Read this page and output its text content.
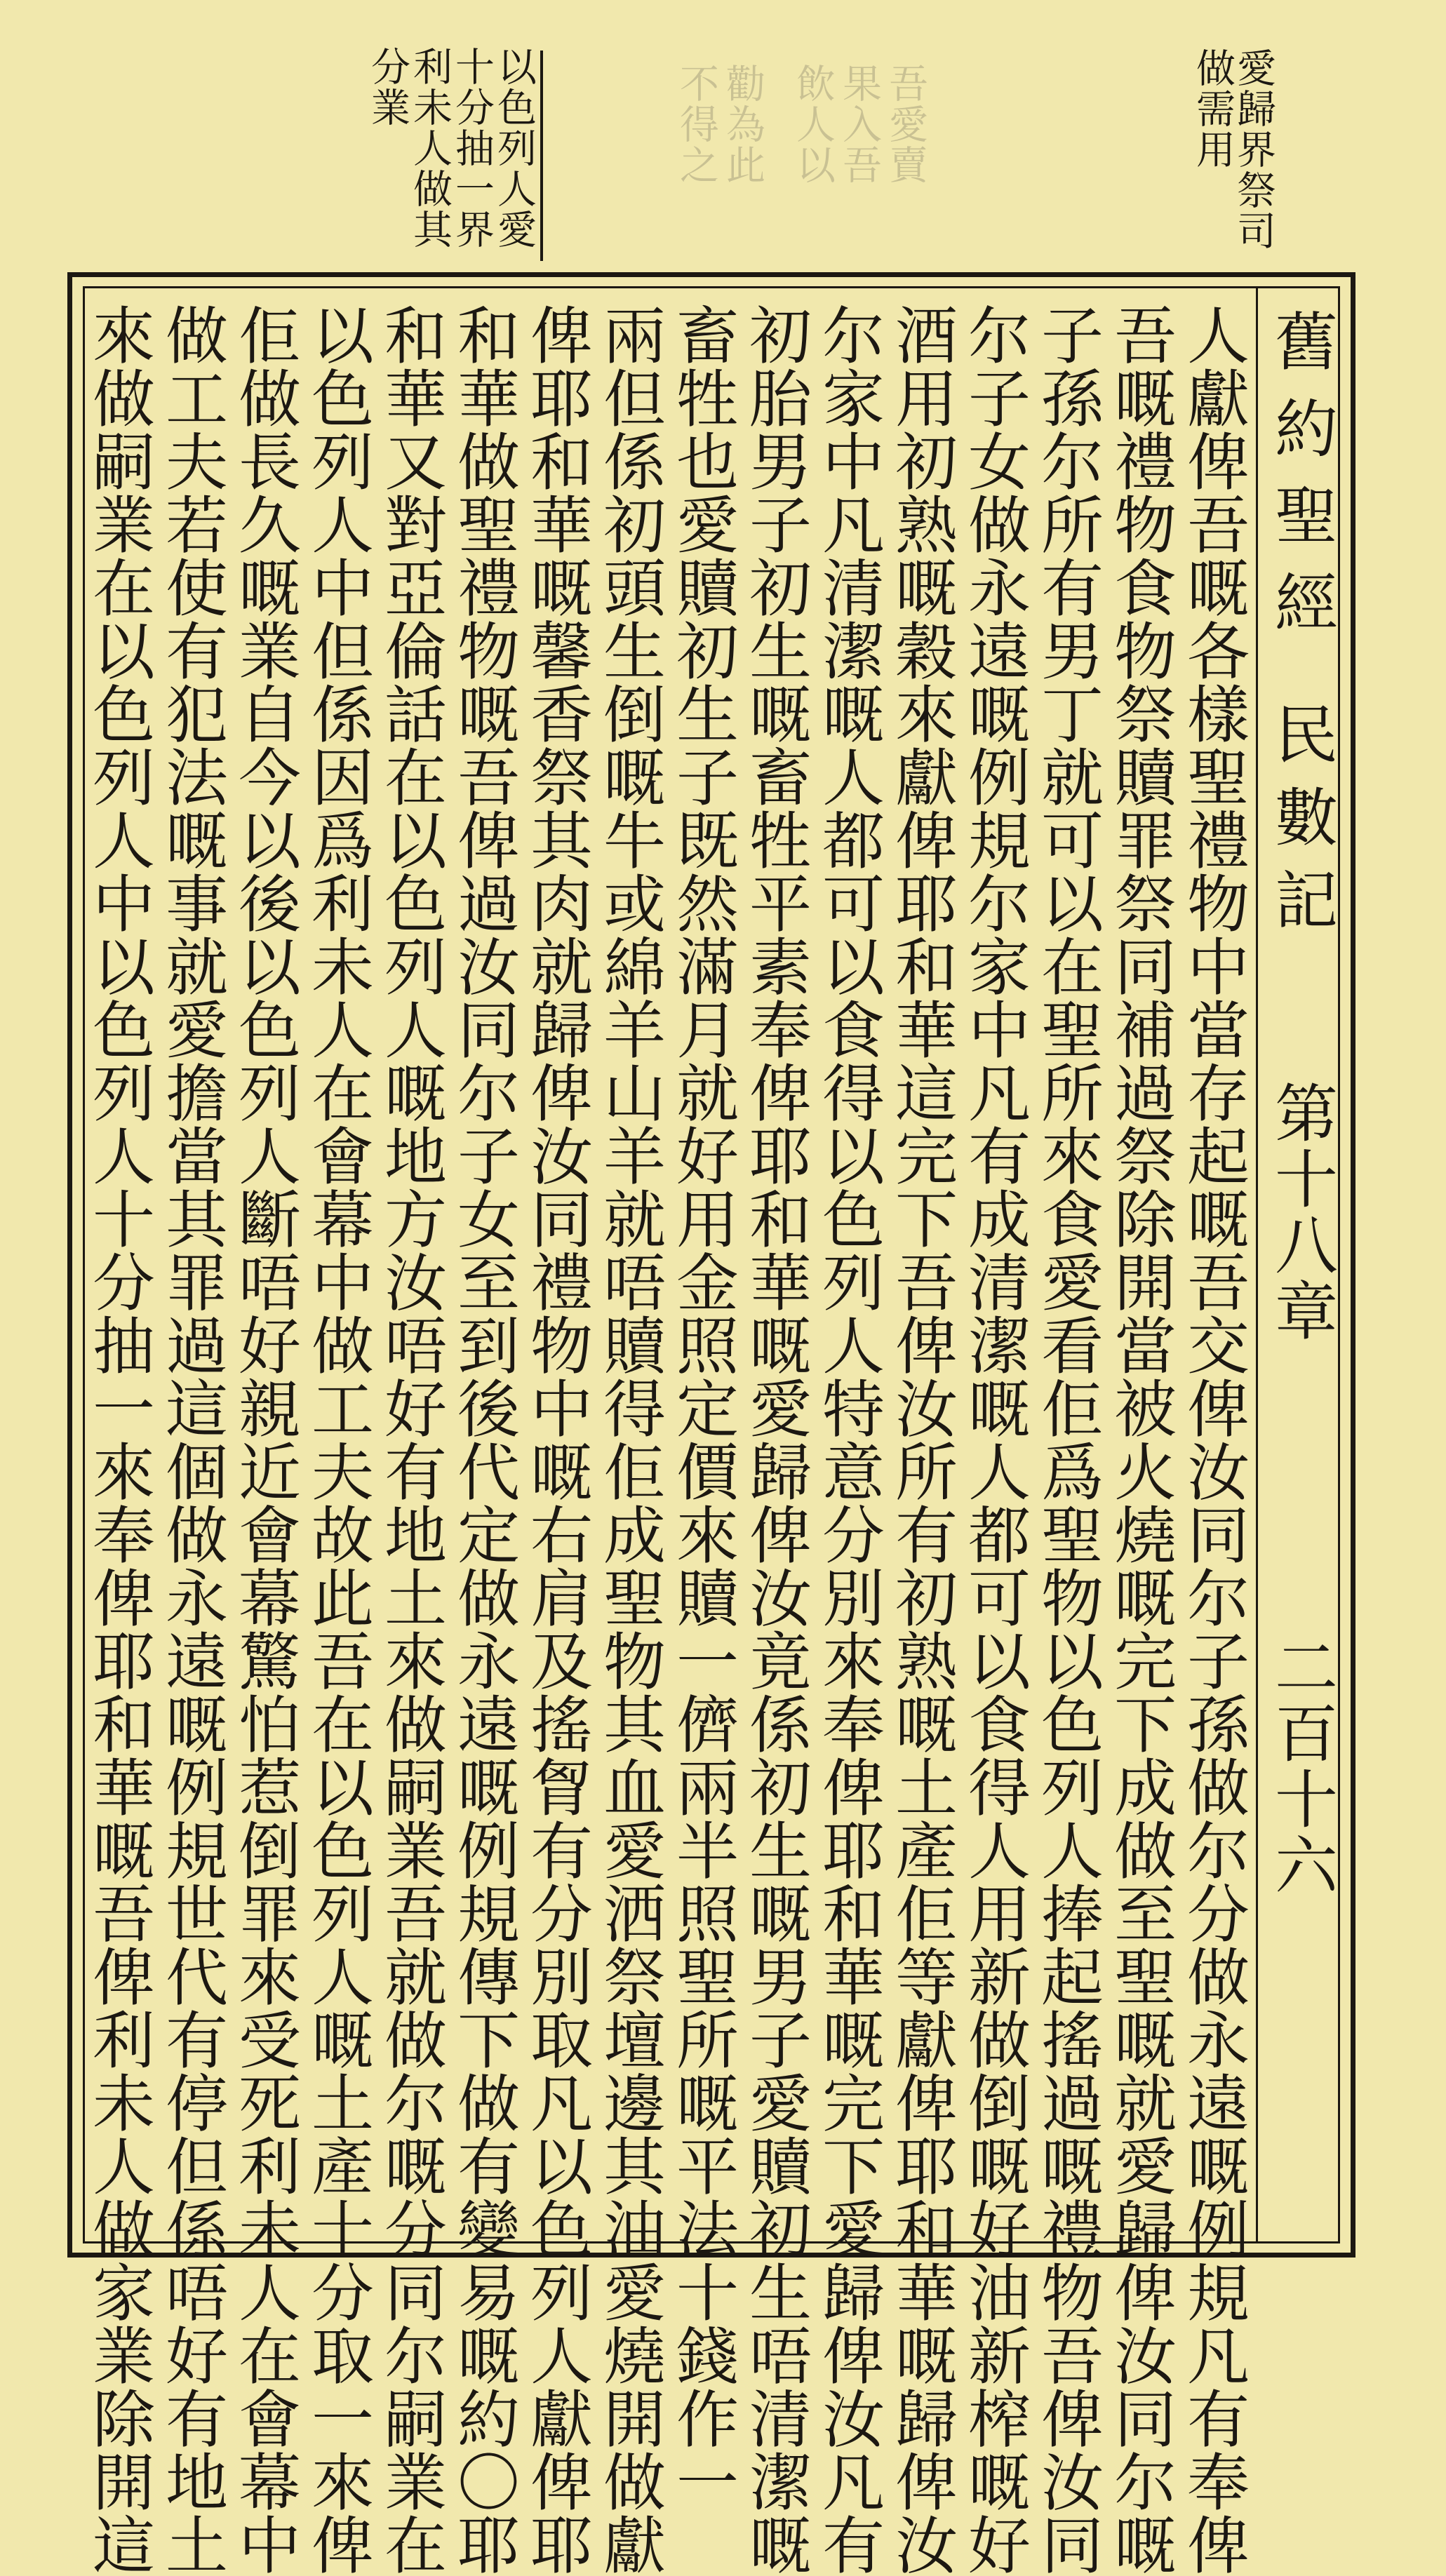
愛歸界祭司
做需用
吾愛賣
果入吾
飲人以
勸為此
不得之
以色列人愛
十分抽一界
利未人做其
分業
舊約聖經
民數記
第十八章
二百十六
人獻俾吾嘅各樣聖禮物中當存起嘅吾交俾汝同尔子孫做尔分做永遠嘅例規凡有奉俾
吾嘅禮物食物祭贖罪祭同補過祭除開當被火燒嘅完下成做至聖嘅就愛歸俾汝同尔嘅
子孫尔所有男丁就可以在聖所來食愛看佢爲聖物以色列人捧起搖過嘅禮物吾俾汝同
尔子女做永遠嘅例規尔家中凡有成清潔嘅人都可以食得人用新做倒嘅好油新榨嘅好
酒用初熟嘅穀來獻俾耶和華這完下吾俾汝所有初熟嘅土產佢等獻俾耶和華嘅歸俾汝
尔家中凡清潔嘅人都可以食得以色列人特意分別來奉俾耶和華嘅完下愛歸俾汝凡有
初胎男子初生嘅畜牲平素奉俾耶和華嘅愛歸俾汝竟係初生嘅男子愛贖初生唔清潔嘅
畜牲也愛贖初生子既然滿月就好用金照定價來贖一儕兩半照聖所嘅平法十錢作一
兩但係初頭生倒嘅牛或綿羊山羊就唔贖得佢成聖物其血愛洒祭壇邊其油愛燒開做獻
俾耶和華嘅馨香祭其肉就歸俾汝同禮物中嘅右肩及搖胷有分別取凡以色列人獻俾耶
和華做聖禮物嘅吾俾過汝同尔子女至到後代定做永遠嘅例規傳下做有變易嘅約〇耶
和華又對亞倫話在以色列人嘅地方汝唔好有地土來做嗣業吾就做尔嘅分同尔嗣業在
以色列人中但係因爲利未人在會幕中做工夫故此吾在以色列人嘅土產十分取一來俾
佢做長久嘅業自今以後以色列人斷唔好親近會幕驚怕惹倒罪來受死利未人在會幕中
做工夫若使有犯法嘅事就愛擔當其罪過這個做永遠嘅例規世代有停但係唔好有地土
來做嗣業在以色列人中以色列人十分抽一來奉俾耶和華嘅吾俾利未人做家業除開這
